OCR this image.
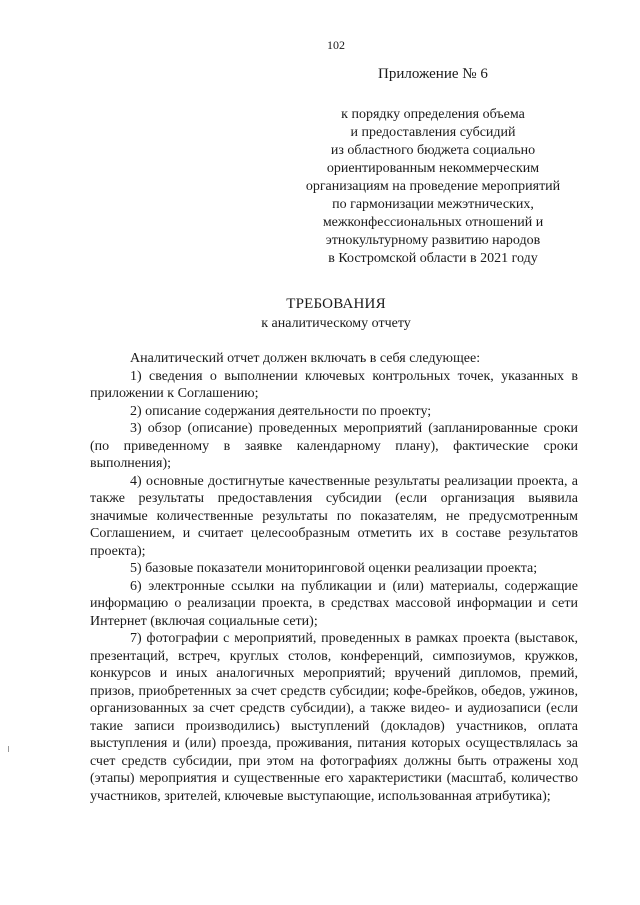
102
Приложение № 6
к порядку определения объема
и предоставления субсидий
из областного бюджета социально
ориентированным некоммерческим
организациям на проведение мероприятий
по гармонизации межэтнических,
межконфессиональных отношений и
этнокультурному развитию народов
в Костромской области в 2021 году
ТРЕБОВАНИЯ
к аналитическому отчету

Аналитический отчет должен включать в себя следующее:

1) сведения о выполнении ключевых контрольных точек, указанных в приложении к Соглашению;

2) описание содержания деятельности по проекту;

3) обзор (описание) проведенных мероприятий (запланированные сроки (по приведенному в заявке календарному плану), фактические сроки выполнения);

4) основные достигнутые качественные результаты реализации проекта, а также результаты предоставления субсидии (если организация выявила значимые количественные результаты по показателям, не предусмотренным Соглашением, и считает целесообразным отметить их в составе результатов проекта);

5) базовые показатели мониторинговой оценки реализации проекта;

6) электронные ссылки на публикации и (или) материалы, содержащие информацию о реализации проекта, в средствах массовой информации и сети Интернет (включая социальные сети);

7) фотографии с мероприятий, проведенных в рамках проекта (выставок, презентаций, встреч, круглых столов, конференций, симпозиумов, кружков, конкурсов и иных аналогичных мероприятий; вручений дипломов, премий, призов, приобретенных за счет средств субсидии; кофе-брейков, обедов, ужинов, организованных за счет средств субсидии), а также видео- и аудиозаписи (если такие записи производились) выступлений (докладов) участников, оплата выступления и (или) проезда, проживания, питания которых осуществлялась за счет средств субсидии, при этом на фотографиях должны быть отражены ход (этапы) мероприятия и существенные его характеристики (масштаб, количество участников, зрителей, ключевые выступающие, использованная атрибутика);
